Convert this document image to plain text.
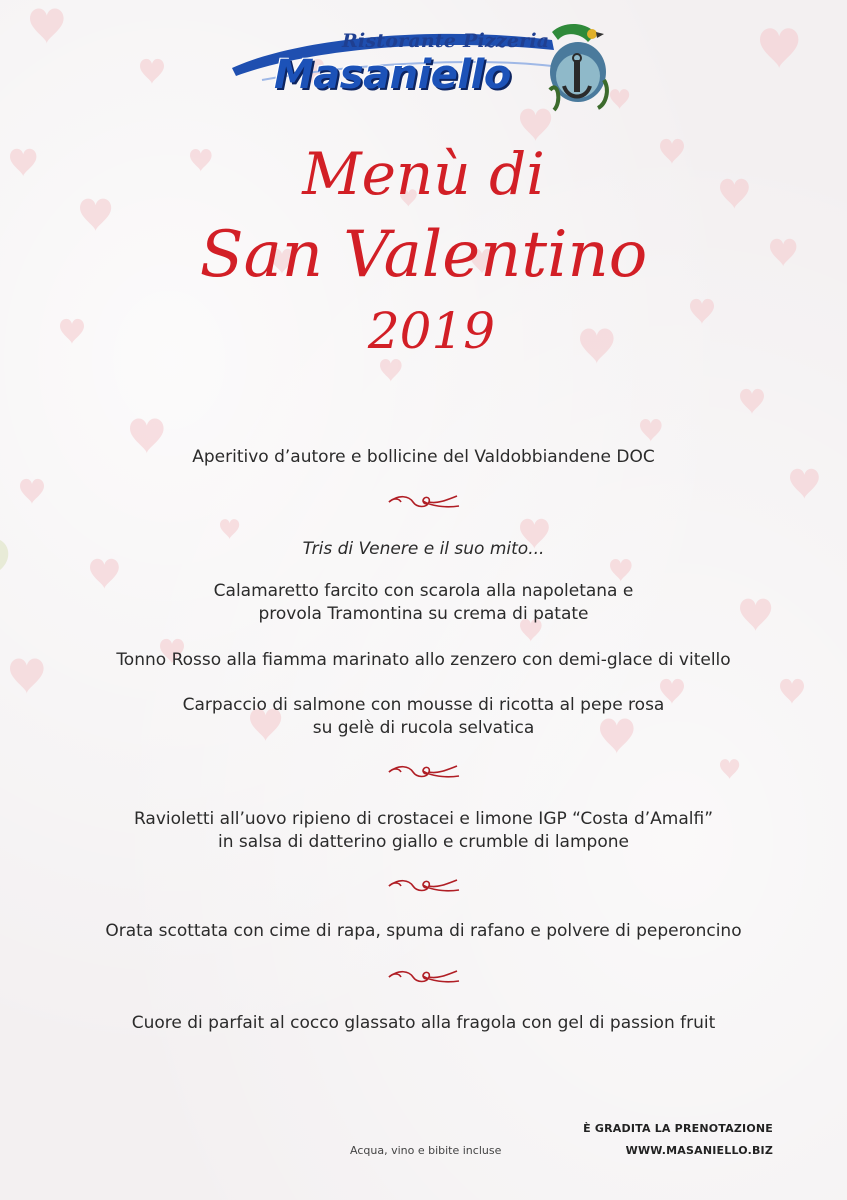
Ristorante Pizzeria
Masaniello
Menù di
San Valentino
2019
Aperitivo d’autore e bollicine del Valdobbiandene DOC
Tris di Venere e il suo mito...
Calamaretto farcito con scarola alla napoletana e
provola Tramontina su crema di patate
Tonno Rosso alla fiamma marinato allo zenzero con demi-glace di vitello
Carpaccio di salmone con mousse di ricotta al pepe rosa
su gelè di rucola selvatica
Ravioletti all’uovo ripieno di crostacei e limone IGP “Costa d’Amalfi”
in salsa di datterino giallo e crumble di lampone
Orata scottata con cime di rapa, spuma di rafano e polvere di peperoncino
Cuore di parfait al cocco glassato alla fragola con gel di passion fruit
Acqua, vino e bibite incluse
È GRADITA LA PRENOTAZIONE
WWW.MASANIELLO.BIZ
